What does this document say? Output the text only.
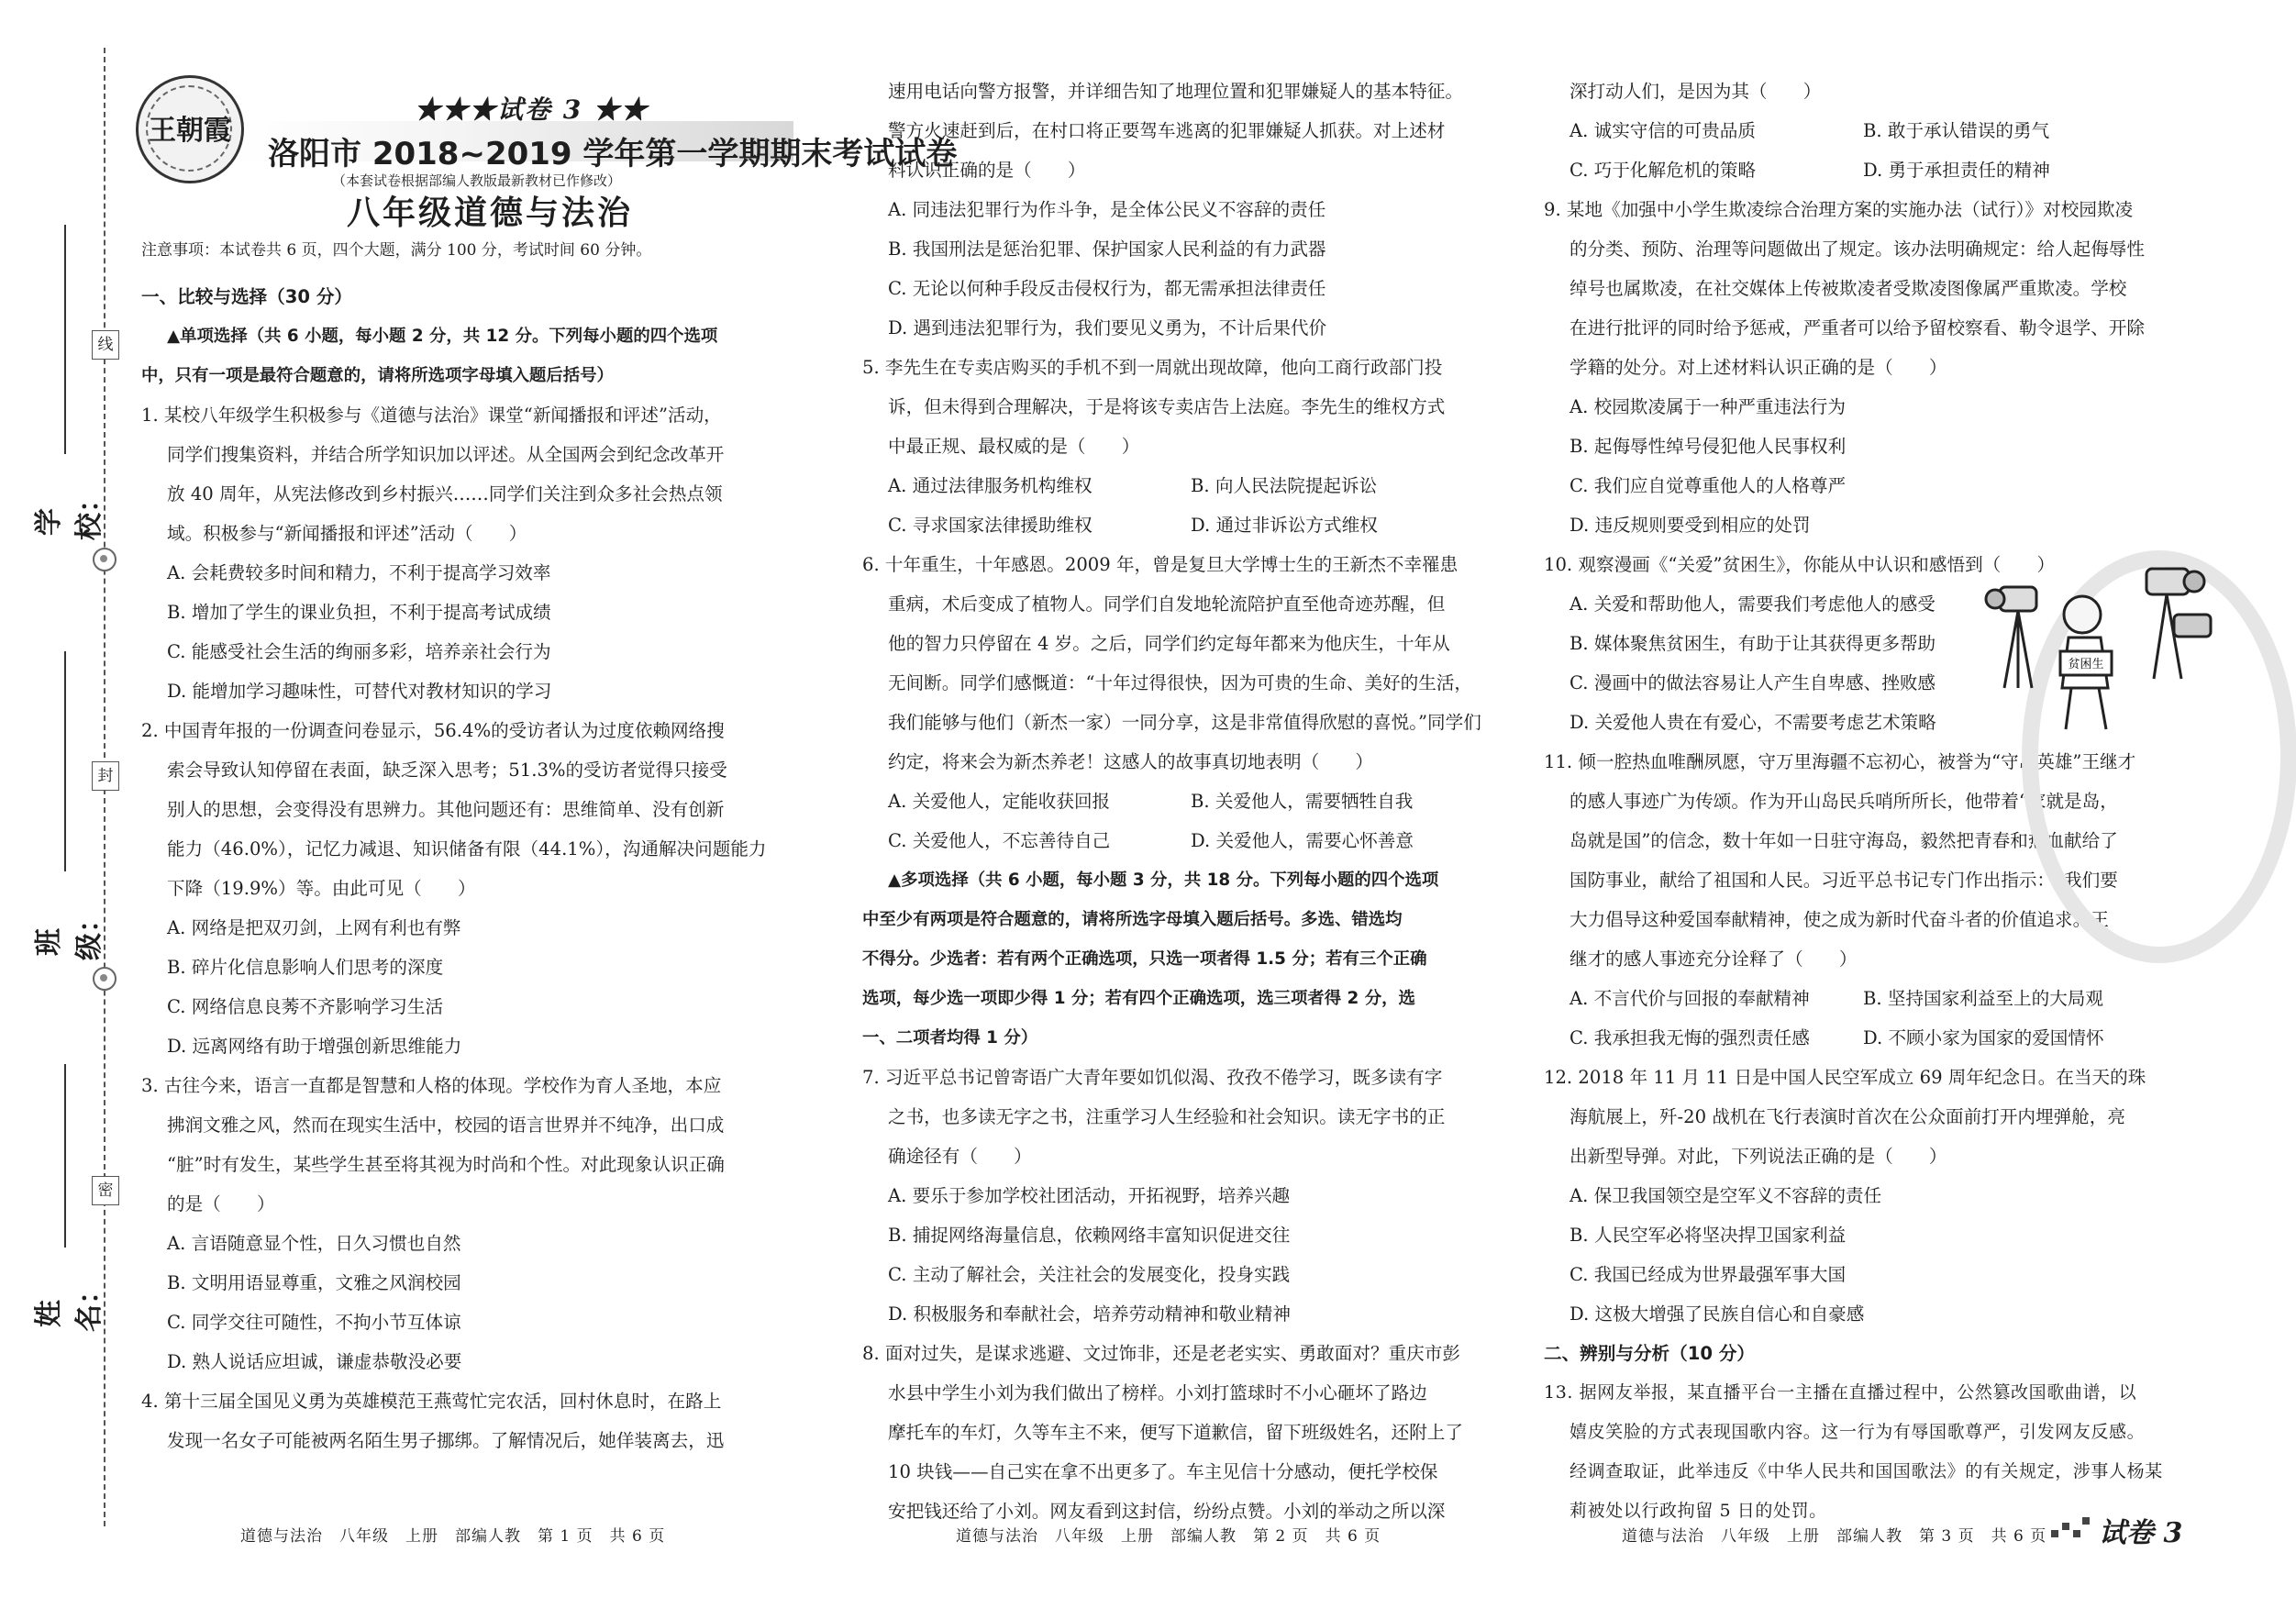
线
封
密
学校：
班级：
姓名：
王朝霞
★★★试卷 3 ★★
洛阳市 2018~2019 学年第一学期期末考试试卷
（本套试卷根据部编人教版最新教材已作修改）
八年级道德与法治
注意事项：本试卷共 6 页，四个大题，满分 100 分，考试时间 60 分钟。
一、比较与选择（30 分）
▲单项选择（共 6 小题，每小题 2 分，共 12 分。下列每小题的四个选项
中，只有一项是最符合题意的，请将所选项字母填入题后括号）
1. 某校八年级学生积极参与《道德与法治》课堂“新闻播报和评述”活动，
同学们搜集资料，并结合所学知识加以评述。从全国两会到纪念改革开
放 40 周年，从宪法修改到乡村振兴……同学们关注到众多社会热点领
域。积极参与“新闻播报和评述”活动（　　）
A. 会耗费较多时间和精力，不利于提高学习效率
B. 增加了学生的课业负担，不利于提高考试成绩
C. 能感受社会生活的绚丽多彩，培养亲社会行为
D. 能增加学习趣味性，可替代对教材知识的学习
2. 中国青年报的一份调查问卷显示，56.4%的受访者认为过度依赖网络搜
索会导致认知停留在表面，缺乏深入思考；51.3%的受访者觉得只接受
别人的思想，会变得没有思辨力。其他问题还有：思维简单、没有创新
能力（46.0%），记忆力减退、知识储备有限（44.1%），沟通解决问题能力
下降（19.9%）等。由此可见（　　）
A. 网络是把双刃剑，上网有利也有弊
B. 碎片化信息影响人们思考的深度
C. 网络信息良莠不齐影响学习生活
D. 远离网络有助于增强创新思维能力
3. 古往今来，语言一直都是智慧和人格的体现。学校作为育人圣地，本应
拂润文雅之风，然而在现实生活中，校园的语言世界并不纯净，出口成
“脏”时有发生，某些学生甚至将其视为时尚和个性。对此现象认识正确
的是（　　）
A. 言语随意显个性，日久习惯也自然
B. 文明用语显尊重，文雅之风润校园
C. 同学交往可随性，不拘小节互体谅
D. 熟人说话应坦诚，谦虚恭敬没必要
4. 第十三届全国见义勇为英雄模范王燕莺忙完农活，回村休息时，在路上
发现一名女子可能被两名陌生男子挪绑。了解情况后，她佯装离去，迅
速用电话向警方报警，并详细告知了地理位置和犯罪嫌疑人的基本特征。
警方火速赶到后，在村口将正要驾车逃离的犯罪嫌疑人抓获。对上述材
料认识正确的是（　　）
A. 同违法犯罪行为作斗争，是全体公民义不容辞的责任
B. 我国刑法是惩治犯罪、保护国家人民利益的有力武器
C. 无论以何种手段反击侵权行为，都无需承担法律责任
D. 遇到违法犯罪行为，我们要见义勇为，不计后果代价
5. 李先生在专卖店购买的手机不到一周就出现故障，他向工商行政部门投
诉，但未得到合理解决，于是将该专卖店告上法庭。李先生的维权方式
中最正规、最权威的是（　　）
A. 通过法律服务机构维权	B. 向人民法院提起诉讼
C. 寻求国家法律援助维权	D. 通过非诉讼方式维权
6. 十年重生，十年感恩。2009 年，曾是复旦大学博士生的王新杰不幸罹患
重病，术后变成了植物人。同学们自发地轮流陪护直至他奇迹苏醒，但
他的智力只停留在 4 岁。之后，同学们约定每年都来为他庆生，十年从
无间断。同学们感慨道：“十年过得很快，因为可贵的生命、美好的生活，
我们能够与他们（新杰一家）一同分享，这是非常值得欣慰的喜悦。”同学们
约定，将来会为新杰养老！这感人的故事真切地表明（　　）
A. 关爱他人，定能收获回报	B. 关爱他人，需要牺牲自我
C. 关爱他人，不忘善待自己	D. 关爱他人，需要心怀善意
▲多项选择（共 6 小题，每小题 3 分，共 18 分。下列每小题的四个选项
中至少有两项是符合题意的，请将所选字母填入题后括号。多选、错选均
不得分。少选者：若有两个正确选项，只选一项者得 1.5 分；若有三个正确
选项，每少选一项即少得 1 分；若有四个正确选项，选三项者得 2 分，选
一、二项者均得 1 分）
7. 习近平总书记曾寄语广大青年要如饥似渴、孜孜不倦学习，既多读有字
之书，也多读无字之书，注重学习人生经验和社会知识。读无字书的正
确途径有（　　）
A. 要乐于参加学校社团活动，开拓视野，培养兴趣
B. 捕捉网络海量信息，依赖网络丰富知识促进交往
C. 主动了解社会，关注社会的发展变化，投身实践
D. 积极服务和奉献社会，培养劳动精神和敬业精神
8. 面对过失，是谋求逃避、文过饰非，还是老老实实、勇敢面对？重庆市彭
水县中学生小刘为我们做出了榜样。小刘打篮球时不小心砸坏了路边
摩托车的车灯，久等车主不来，便写下道歉信，留下班级姓名，还附上了
10 块钱——自己实在拿不出更多了。车主见信十分感动，便托学校保
安把钱还给了小刘。网友看到这封信，纷纷点赞。小刘的举动之所以深
深打动人们，是因为其（　　）
A. 诚实守信的可贵品质	B. 敢于承认错误的勇气
C. 巧于化解危机的策略	D. 勇于承担责任的精神
9. 某地《加强中小学生欺凌综合治理方案的实施办法（试行）》对校园欺凌
的分类、预防、治理等问题做出了规定。该办法明确规定：给人起侮辱性
绰号也属欺凌，在社交媒体上传被欺凌者受欺凌图像属严重欺凌。学校
在进行批评的同时给予惩戒，严重者可以给予留校察看、勒令退学、开除
学籍的处分。对上述材料认识正确的是（　　）
A. 校园欺凌属于一种严重违法行为
B. 起侮辱性绰号侵犯他人民事权利
C. 我们应自觉尊重他人的人格尊严
D. 违反规则要受到相应的处罚
10. 观察漫画《“关爱”贫困生》，你能从中认识和感悟到（　　）
A. 关爱和帮助他人，需要我们考虑他人的感受
B. 媒体聚焦贫困生，有助于让其获得更多帮助
C. 漫画中的做法容易让人产生自卑感、挫败感
D. 关爱他人贵在有爱心，不需要考虑艺术策略
11. 倾一腔热血唯酬夙愿，守万里海疆不忘初心，被誉为“守岛英雄”王继才
的感人事迹广为传颂。作为开山岛民兵哨所所长，他带着“家就是岛，
岛就是国”的信念，数十年如一日驻守海岛，毅然把青春和热血献给了
国防事业，献给了祖国和人民。习近平总书记专门作出指示：“我们要
大力倡导这种爱国奉献精神，使之成为新时代奋斗者的价值追求。”王
继才的感人事迹充分诠释了（　　）
A. 不言代价与回报的奉献精神	B. 坚持国家利益至上的大局观
C. 我承担我无悔的强烈责任感	D. 不顾小家为国家的爱国情怀
12. 2018 年 11 月 11 日是中国人民空军成立 69 周年纪念日。在当天的珠
海航展上，歼-20 战机在飞行表演时首次在公众面前打开内埋弹舱，亮
出新型导弹。对此，下列说法正确的是（　　）
A. 保卫我国领空是空军义不容辞的责任
B. 人民空军必将坚决捍卫国家利益
C. 我国已经成为世界最强军事大国
D. 这极大增强了民族自信心和自豪感
二、辨别与分析（10 分）
13. 据网友举报，某直播平台一主播在直播过程中，公然篡改国歌曲谱，以
嬉皮笑脸的方式表现国歌内容。这一行为有辱国歌尊严，引发网友反感。
经调查取证，此举违反《中华人民共和国国歌法》的有关规定，涉事人杨某
莉被处以行政拘留 5 日的处罚。
贫困生
道德与法治　八年级　上册　部编人教　第 1 页　共 6 页	道德与法治　八年级　上册　部编人教　第 2 页　共 6 页	道德与法治　八年级　上册　部编人教　第 3 页　共 6 页 试卷 3
